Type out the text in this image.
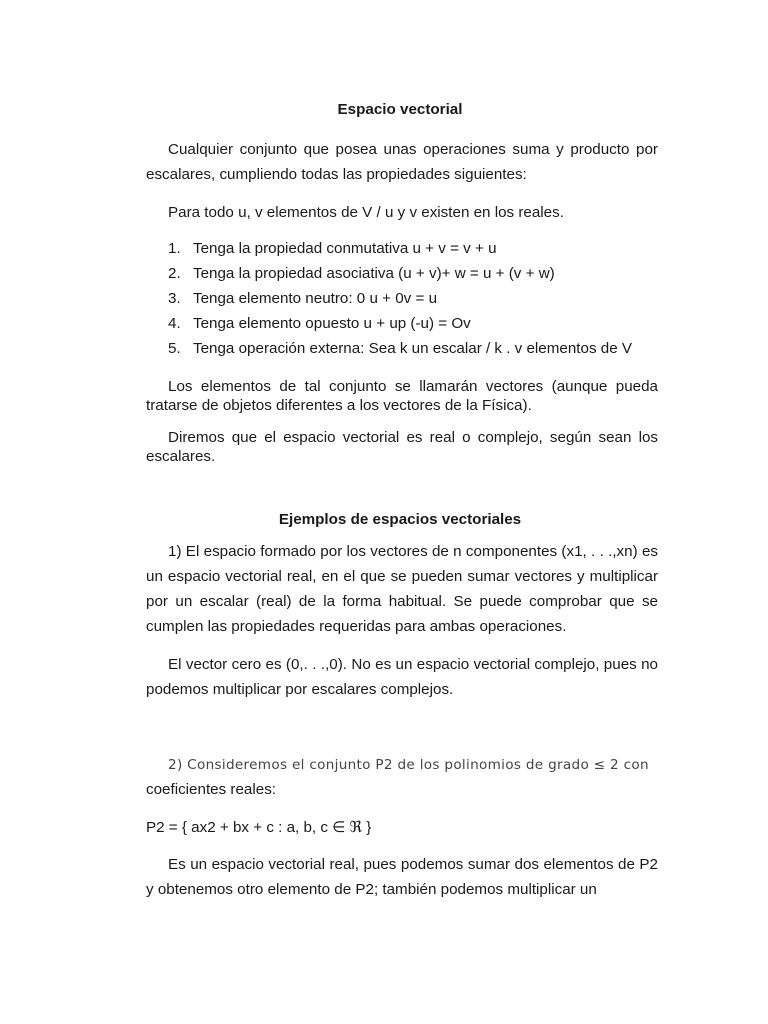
Espacio vectorial
Cualquier conjunto que posea unas operaciones suma y producto por escalares, cumpliendo todas las propiedades siguientes:
Para todo u, v elementos de V / u y v existen en los reales.
1. Tenga la propiedad conmutativa u + v = v + u
2. Tenga la propiedad asociativa (u + v)+ w = u + (v + w)
3. Tenga elemento neutro: 0 u + 0v = u
4. Tenga elemento opuesto u + up (-u) = Ov
5. Tenga operación externa: Sea k un escalar / k . v elementos de V
Los elementos de tal conjunto se llamarán vectores (aunque pueda tratarse de objetos diferentes a los vectores de la Física).
Diremos que el espacio vectorial es real o complejo, según sean los escalares.
Ejemplos de espacios vectoriales
1) El espacio formado por los vectores de n componentes (x1, . . .,xn) es un espacio vectorial real, en el que se pueden sumar vectores y multiplicar por un escalar (real) de la forma habitual. Se puede comprobar que se cumplen las propiedades requeridas para ambas operaciones.
El vector cero es (0,. . .,0). No es un espacio vectorial complejo, pues no podemos multiplicar por escalares complejos.
2) Consideremos el conjunto P2 de los polinomios de grado ≤ 2 con
coeficientes reales:
P2 = { ax2 + bx + c : a, b, c ∈ ℜ }
Es un espacio vectorial real, pues podemos sumar dos elementos de P2 y obtenemos otro elemento de P2; también podemos multiplicar un
